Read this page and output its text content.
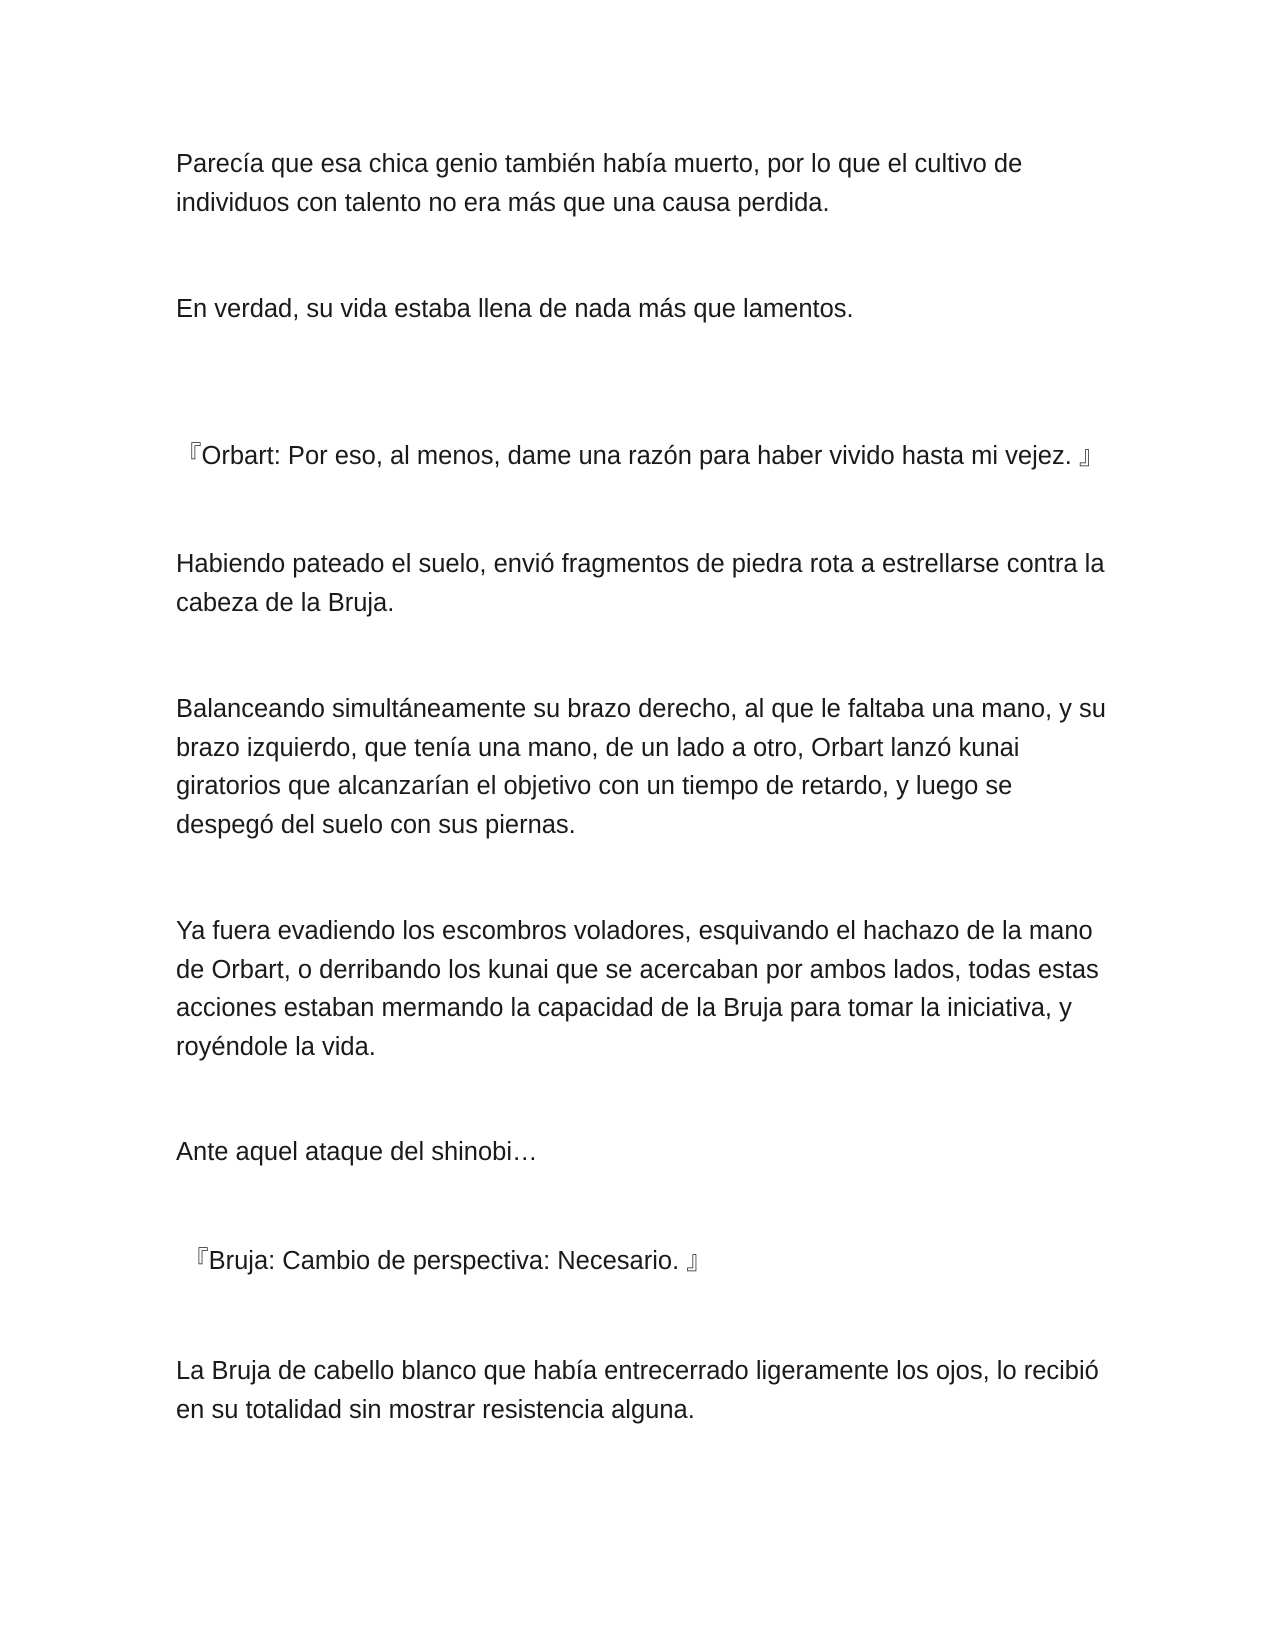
Parecía que esa chica genio también había muerto, por lo que el cultivo de individuos con talento no era más que una causa perdida.

En verdad, su vida estaba llena de nada más que lamentos.

『Orbart: Por eso, al menos, dame una razón para haber vivido hasta mi vejez. 』

Habiendo pateado el suelo, envió fragmentos de piedra rota a estrellarse contra la cabeza de la Bruja.

Balanceando simultáneamente su brazo derecho, al que le faltaba una mano, y su brazo izquierdo, que tenía una mano, de un lado a otro, Orbart lanzó kunai giratorios que alcanzarían el objetivo con un tiempo de retardo, y luego se despegó del suelo con sus piernas.

Ya fuera evadiendo los escombros voladores, esquivando el hachazo de la mano de Orbart, o derribando los kunai que se acercaban por ambos lados, todas estas acciones estaban mermando la capacidad de la Bruja para tomar la iniciativa, y royéndole la vida.

Ante aquel ataque del shinobi…

『Bruja: Cambio de perspectiva: Necesario. 』

La Bruja de cabello blanco que había entrecerrado ligeramente los ojos, lo recibió en su totalidad sin mostrar resistencia alguna.
